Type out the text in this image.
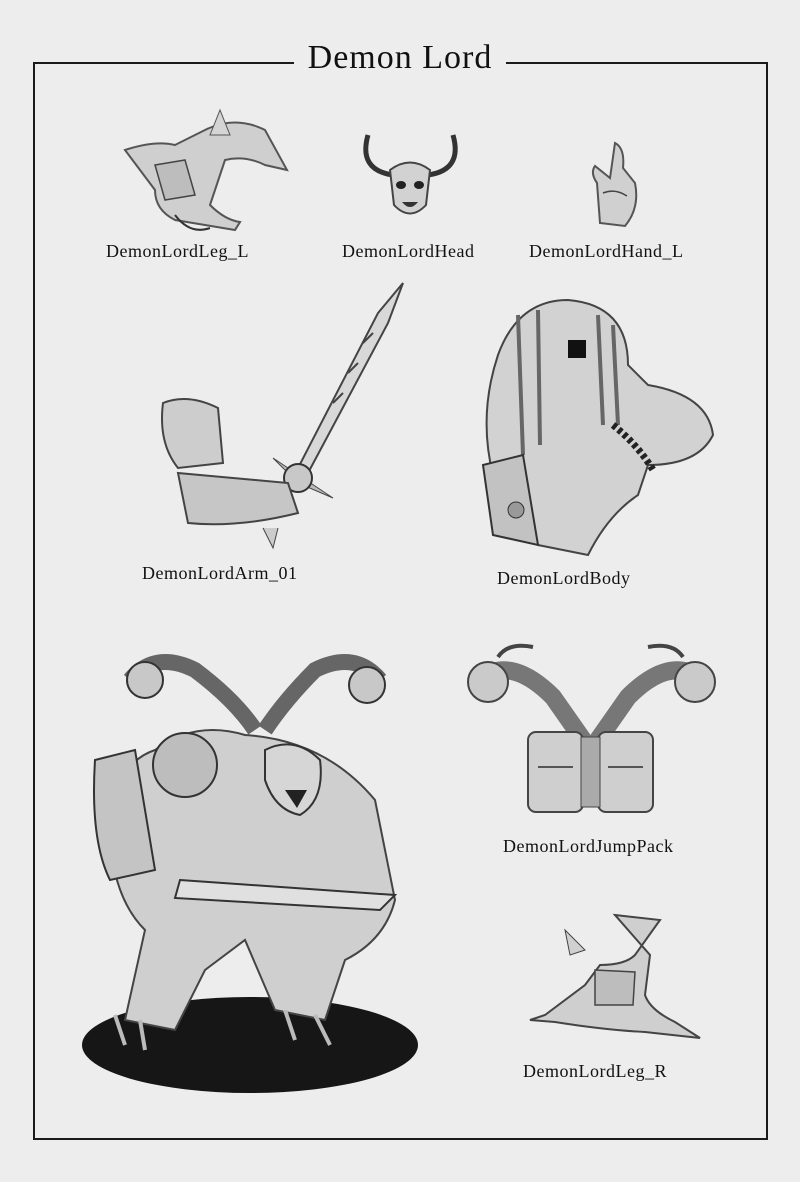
Demon Lord
DemonLordLeg_L	DemonLordHead	DemonLordHand_L
DemonLordArm_01	DemonLordBody
DemonLordJumpPack
DemonLordLeg_R
